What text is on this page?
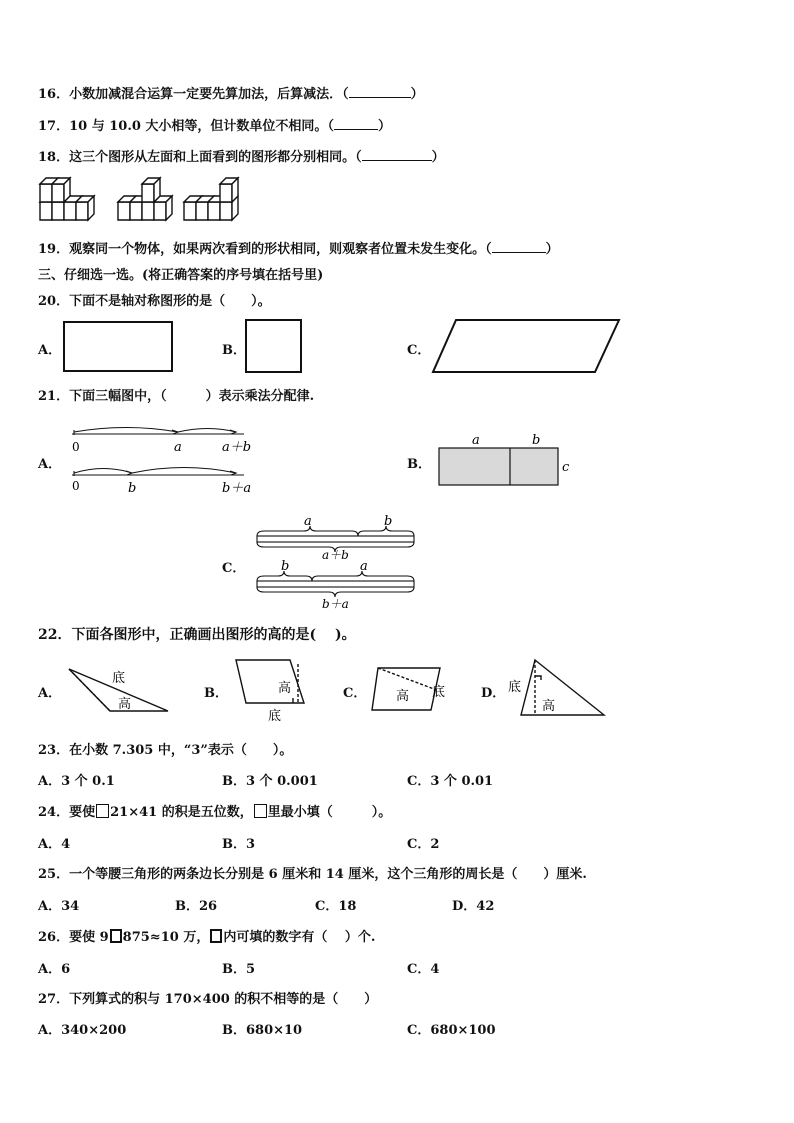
16．小数加减混合运算一定要先算加法，后算减法．（	）
17．10 与 10.0 大小相等，但计数单位不相同。（	）
18．这三个图形从左面和上面看到的图形都分别相同。（	）
19．观察同一个物体，如果两次看到的形状相同，则观察者位置未发生变化。（	）
三、仔细选一选。(将正确答案的序号填在括号里)
20．下面不是轴对称图形的是（　　）。
A．	B．	C．
21．下面三幅图中，（　　　）表示乘法分配律.
A．	B．
C．
0	a	a＋b
0	b	b＋a
a	b
c
a	b
a＋b
b	a
b＋a
22．下面各图形中，正确画出图形的高的是(　 )。
A．	B．	C．	D．
底
高
高
底
高 底	底
高
23．在小数 7.305 中，“3”表示（　　）。
A．3 个 0.1	B．3 个 0.001	C．3 个 0.01
24．要使 21×41 的积是五位数， 里最小填（　　　）。
A．4	B．3	C．2
25．一个等腰三角形的两条边长分别是 6 厘米和 14 厘米，这个三角形的周长是（　　）厘米.
A．34	B．26	C．18	D．42
26．要使 9 875≈10 万， 内可填的数字有（　 ）个.
A．6	B．5	C．4
27．下列算式的积与 170×400 的积不相等的是（　　）
A．340×200	B．680×10	C．680×100
